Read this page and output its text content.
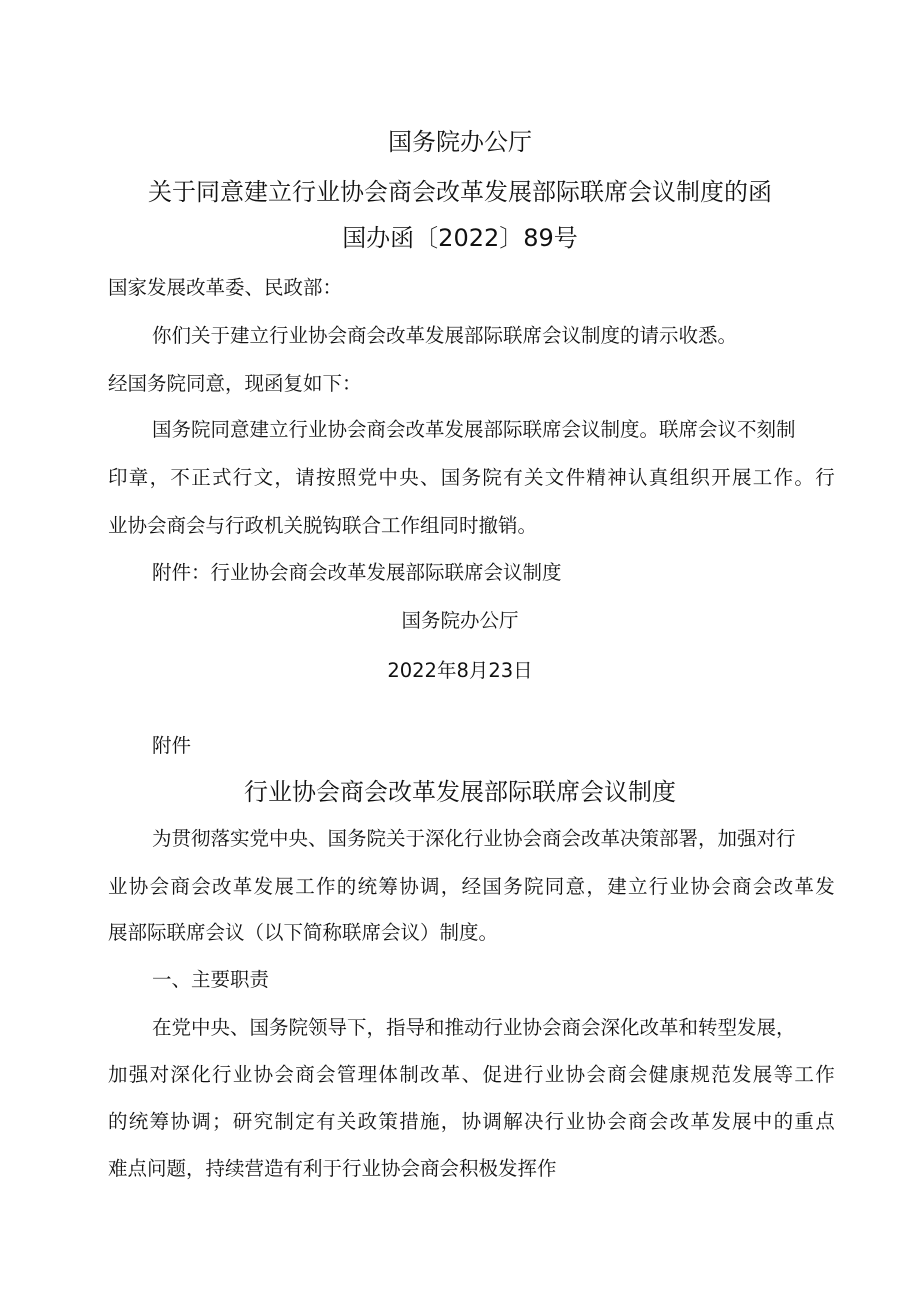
国务院办公厅

关于同意建立行业协会商会改革发展部际联席会议制度的函

国办函〔2022〕89号

国家发展改革委、民政部：

你们关于建立行业协会商会改革发展部际联席会议制度的请示收悉。

经国务院同意，现函复如下：

国务院同意建立行业协会商会改革发展部际联席会议制度。联席会议不刻制

印章，不正式行文，请按照党中央、国务院有关文件精神认真组织开展工作。行

业协会商会与行政机关脱钩联合工作组同时撤销。

附件：行业协会商会改革发展部际联席会议制度

国务院办公厅

2022年8月23日

附件

行业协会商会改革发展部际联席会议制度

为贯彻落实党中央、国务院关于深化行业协会商会改革决策部署，加强对行

业协会商会改革发展工作的统筹协调，经国务院同意，建立行业协会商会改革发

展部际联席会议（以下简称联席会议）制度。

一、主要职责

在党中央、国务院领导下，指导和推动行业协会商会深化改革和转型发展，

加强对深化行业协会商会管理体制改革、促进行业协会商会健康规范发展等工作

的统筹协调；研究制定有关政策措施，协调解决行业协会商会改革发展中的重点

难点问题，持续营造有利于行业协会商会积极发挥作
